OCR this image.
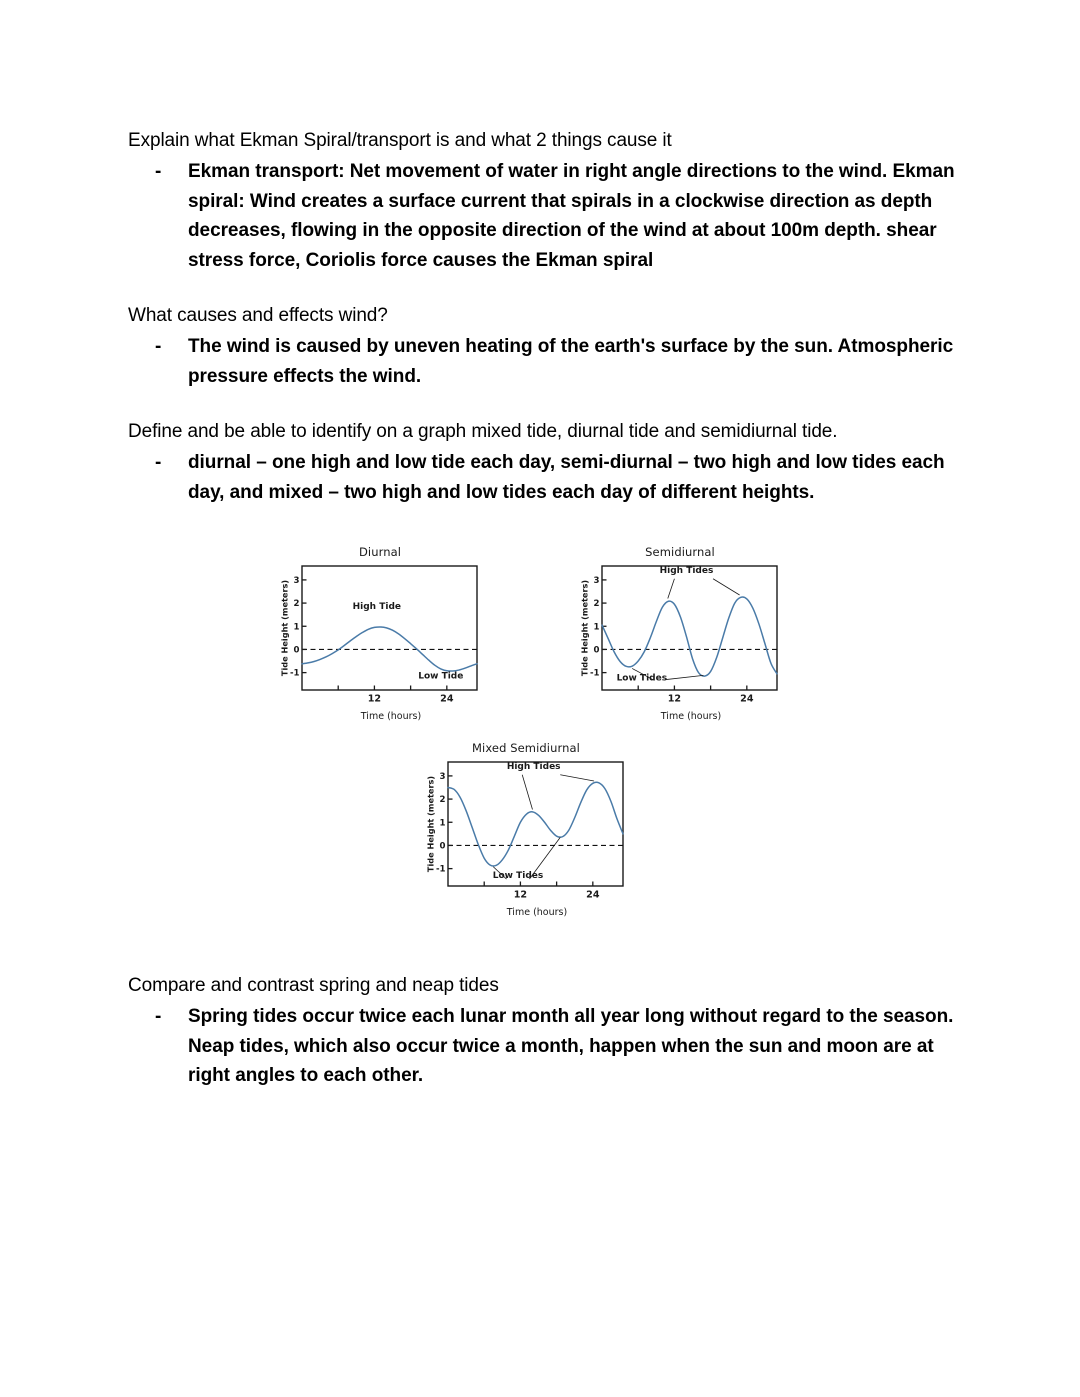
Explain what Ekman Spiral/transport is and what 2 things cause it
-	Ekman transport: Net movement of water in right angle directions to the wind. Ekman spiral: Wind creates a surface current that spirals in a clockwise direction as depth decreases, flowing in the opposite direction of the wind at about 100m depth. shear stress force, Coriolis force causes the Ekman spiral
What causes and effects wind?
-	The wind is caused by uneven heating of the earth's surface by the sun. Atmospheric pressure effects the wind.
Define and be able to identify on a graph mixed tide, diurnal tide and semidiurnal tide.
-	diurnal – one high and low tide each day, semi-diurnal – two high and low tides each day, and mixed – two high and low tides each day of different heights.
Diurnal
-1
0
1
2
3
12	24
Tide Height (meters)	High Tide
Low Tide
Time (hours)
Semidiurnal
-1
0
1
2
3
12	24
Tide Height (meters)
High Tides
Low Tides
Time (hours)
Mixed Semidiurnal
-1
0
1
2
3
12	24
Tide Height (meters)
High Tides
Low Tides
Time (hours)
Compare and contrast spring and neap tides
-	Spring tides occur twice each lunar month all year long without regard to the season. Neap tides, which also occur twice a month, happen when the sun and moon are at right angles to each other.
